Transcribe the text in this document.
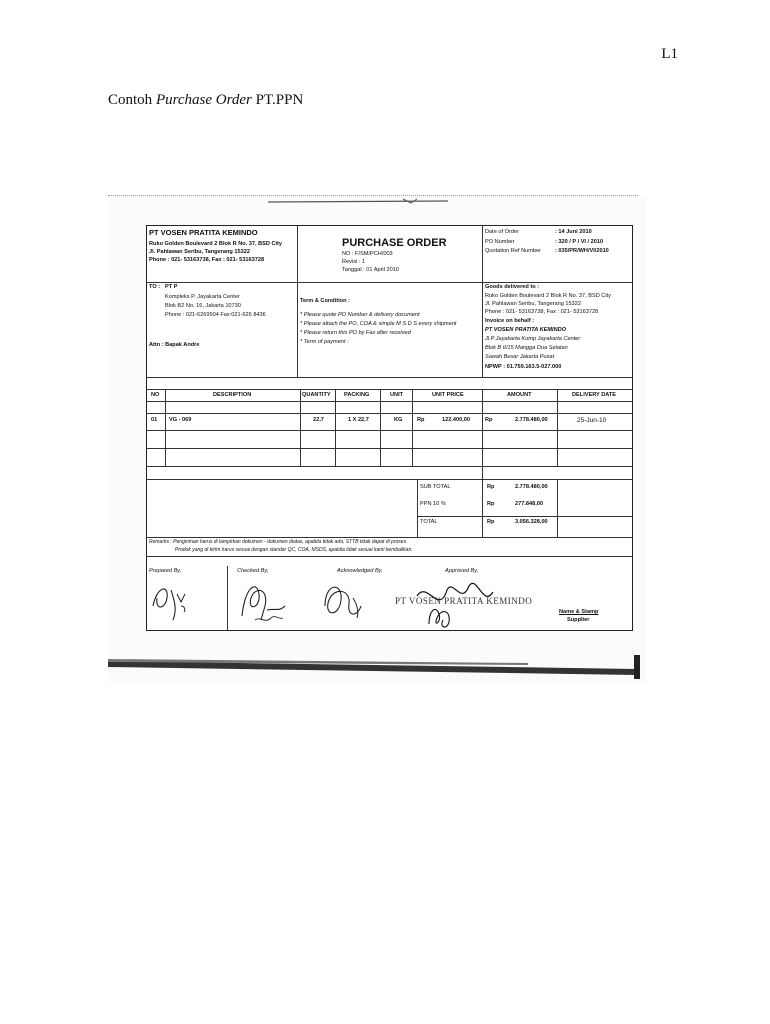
L1
Contoh Purchase Order PT.PPN
PT VOSEN PRATITA KEMINDO
Ruko Golden Boulevard 2 Blok R No. 37, BSD City
Jl. Pahlawan Seribu, Tangerang 15322
Phone : 021- 53163738, Fax : 021- 53163728
PURCHASE ORDER
NO : F/SM/PCH/003
Revisi : 1
Tanggal : 01 April 2010
Date of Order	: 14 Juni 2010
PO Number	: 320 / P / VI / 2010
Quotation Ref Number	: 035/PR/WH/VI/2010
TO : PT P
Kompleks P. Jayakarta Center
Blok B2 No. 16, Jakarta 10730
Phone : 021-6269504 Fax:021-626 8436
Attn : Bapak Andre
Term & Condition :
* Please quote PO Number & delivery document
* Please attach the PO, COA & simple M S D S every shipment
* Please return this PO by Fax after received
* Term of payment :
Goods delivered to :
Ruko Golden Boulevard 2 Blok R No. 37, BSD City
Jl. Pahlawan Seribu, Tangerang 15322
Phone : 021- 53163738, Fax : 021- 53163728
Invoice on behalf :
PT VOSEN PRATITA KEMINDO
Jl.P Jayakarta Komp Jayakarta Center
Blok B II/15 Mangga Dua Selatan
Sawah Besar Jakarta Pusat
NPWP : 01.759.163.5-027.000
NO	DESCRIPTION	QUANTITY PACKING	UNIT	UNIT PRICE	AMOUNT	DELIVERY DATE
01 VG - 069	22,7	1 X 22,7	KG	Rp	122.400,00	Rp	2.778.480,00	25-Jun-10
SUB TOTAL	Rp	2.778.480,00
PPN 10 %	Rp	277.848,00
TOTAL	Rp	3.056.328,00
Remarks : Pengiriman harus di lampirkan dokumen - dokumen diatas, apabila tidak ada, STTB tidak dapat di proses.
Produk yang di kirim harus sesuai dengan standar QC, COA, MSDS, apabila tidak sesuai kami kembalikan.
Prepared By,	Checked By,	Acknowledged By,	Approved By,
Name & Stamp
Supplier
PT VOSEN PRATITA KEMINDO
